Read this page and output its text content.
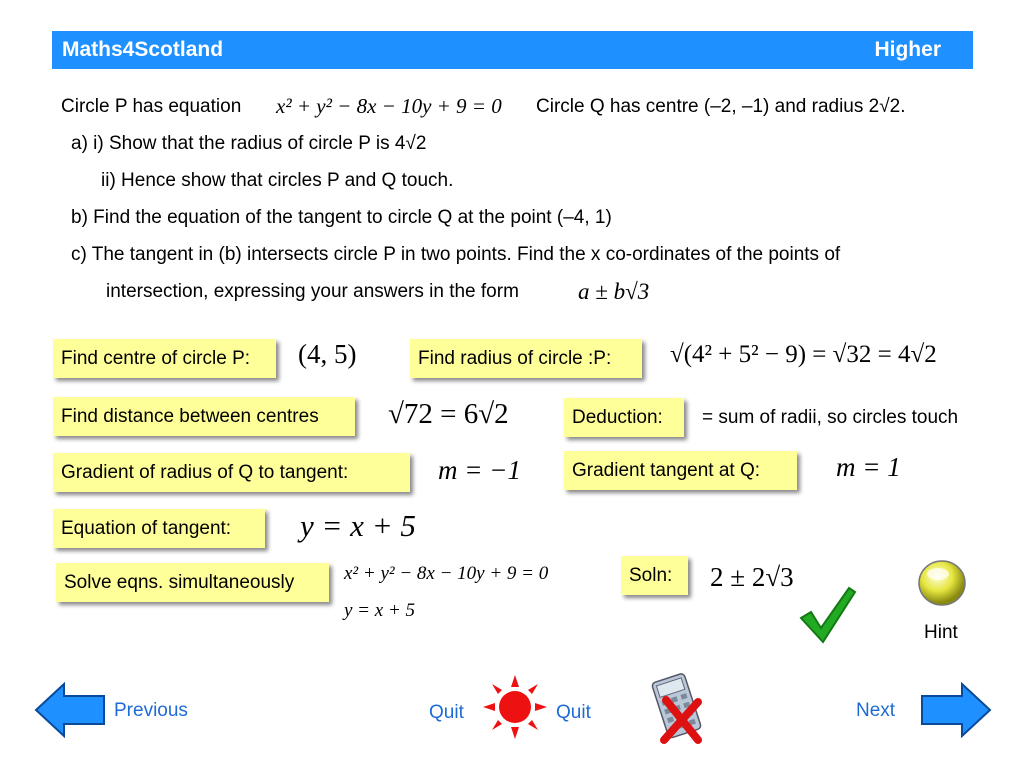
Maths4Scotland	Higher
Circle P has equation x² + y² − 8x − 10y + 9 = 0 Circle Q has centre (–2, –1) and radius 2√2.
a) i) Show that the radius of circle P is 4√2
ii) Hence show that circles P and Q touch.
b) Find the equation of the tangent to circle Q at the point (–4, 1)
c) The tangent in (b) intersects circle P in two points. Find the x co-ordinates of the points of
intersection, expressing your answers in the form	a ± b√3
Find centre of circle P: (4, 5)	Find radius of circle :P: √(4² + 5² − 9) = √32 = 4√2
Find distance between centres √72 = 6√2	Deduction: = sum of radii, so circles touch
Gradient of radius of Q to tangent:	m = −1	Gradient tangent at Q:	m = 1
Equation of tangent: y = x + 5
Solve eqns. simultaneously	x² + y² − 8x − 10y + 9 = 0
y = x + 5
Soln: 2 ± 2√3
Hint
Previous	Quit	Quit	Next
